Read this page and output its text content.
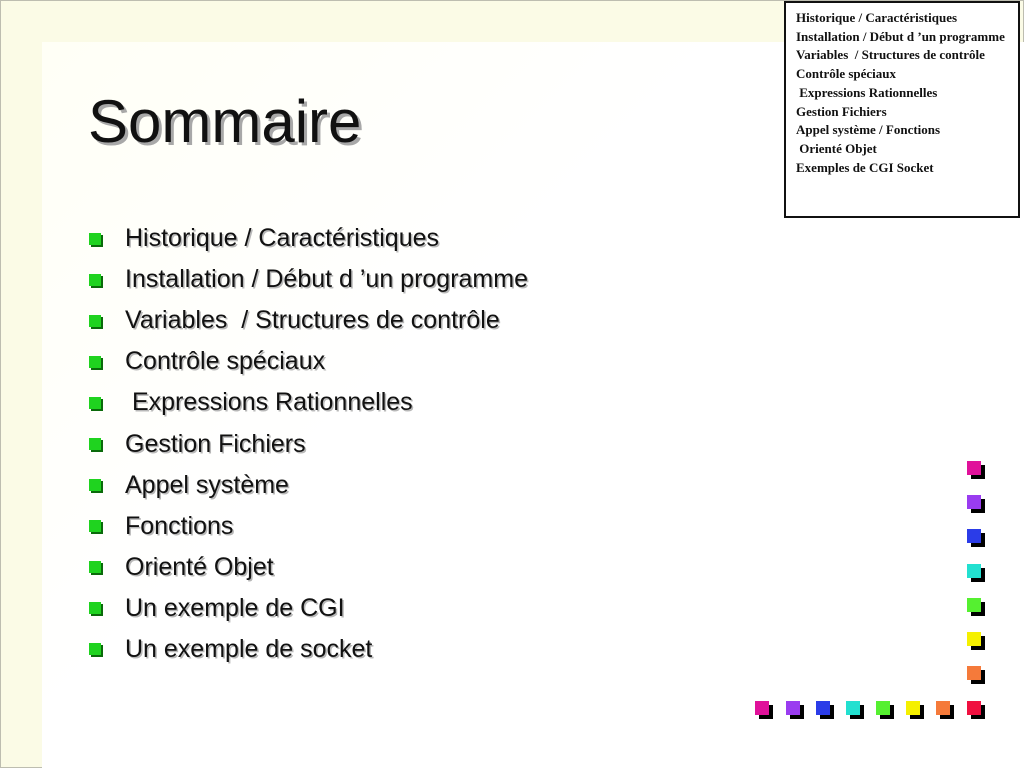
Sommaire
Historique / Caractéristiques
Installation / Début d ’un programme
Variables  / Structures de contrôle
Contrôle spéciaux
Expressions Rationnelles
Gestion Fichiers
Appel système
Fonctions
Orienté Objet
Un exemple de CGI
Un exemple de socket
Historique / Caractéristiques
Installation / Début d ’un programme
Variables  / Structures de contrôle
Contrôle spéciaux
Expressions Rationnelles
Gestion Fichiers
Appel système / Fonctions
Orienté Objet
Exemples de CGI Socket
